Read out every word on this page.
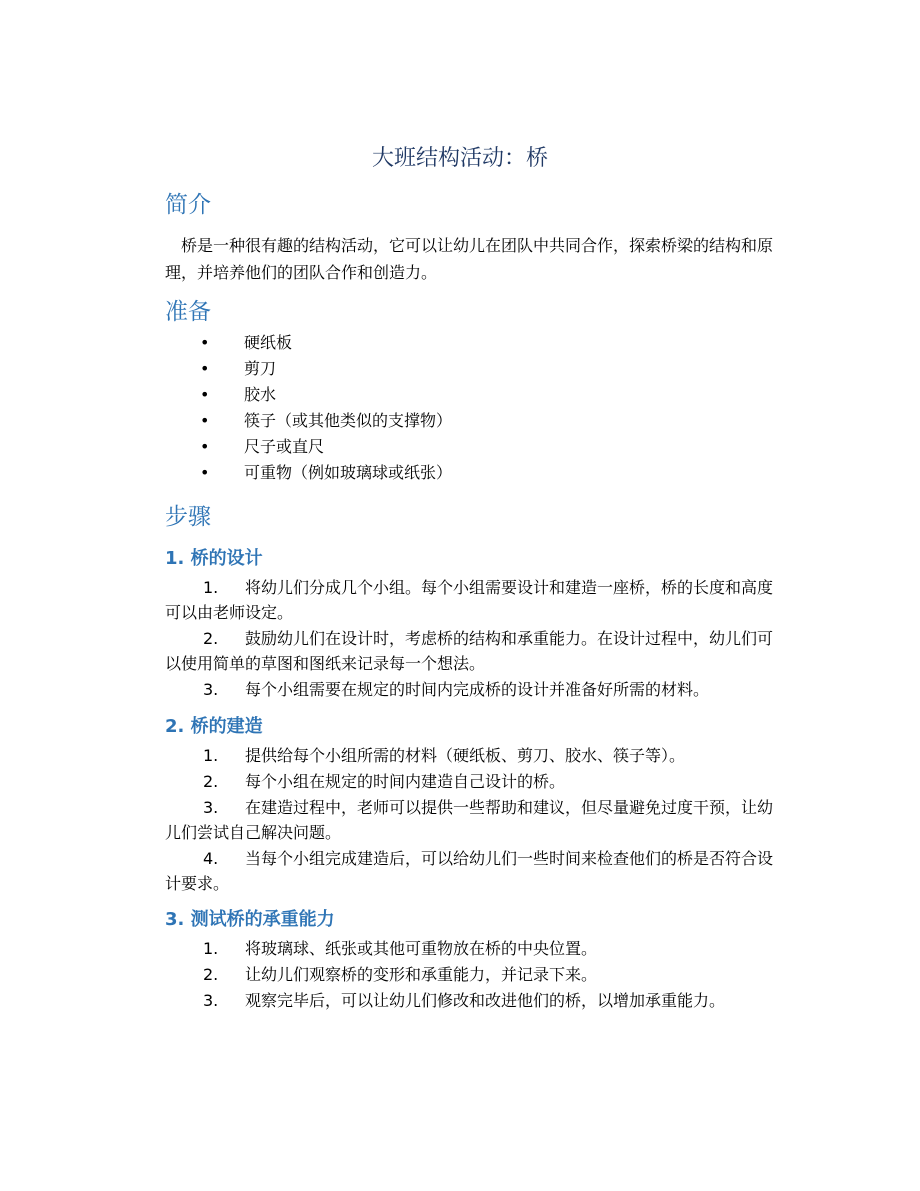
大班结构活动：桥
简介
桥是一种很有趣的结构活动，它可以让幼儿在团队中共同合作，探索桥梁的结构和原理，并培养他们的团队合作和创造力。
准备
• 硬纸板
• 剪刀
• 胶水
• 筷子（或其他类似的支撑物）
• 尺子或直尺
• 可重物（例如玻璃球或纸张）
步骤
1. 桥的设计
1. 将幼儿们分成几个小组。每个小组需要设计和建造一座桥，桥的长度和高度可以由老师设定。
2. 鼓励幼儿们在设计时，考虑桥的结构和承重能力。在设计过程中，幼儿们可以使用简单的草图和图纸来记录每一个想法。
3. 每个小组需要在规定的时间内完成桥的设计并准备好所需的材料。
2. 桥的建造
1. 提供给每个小组所需的材料（硬纸板、剪刀、胶水、筷子等）。
2. 每个小组在规定的时间内建造自己设计的桥。
3. 在建造过程中，老师可以提供一些帮助和建议，但尽量避免过度干预，让幼儿们尝试自己解决问题。
4. 当每个小组完成建造后，可以给幼儿们一些时间来检查他们的桥是否符合设计要求。
3. 测试桥的承重能力
1. 将玻璃球、纸张或其他可重物放在桥的中央位置。
2. 让幼儿们观察桥的变形和承重能力，并记录下来。
3. 观察完毕后，可以让幼儿们修改和改进他们的桥，以增加承重能力。
